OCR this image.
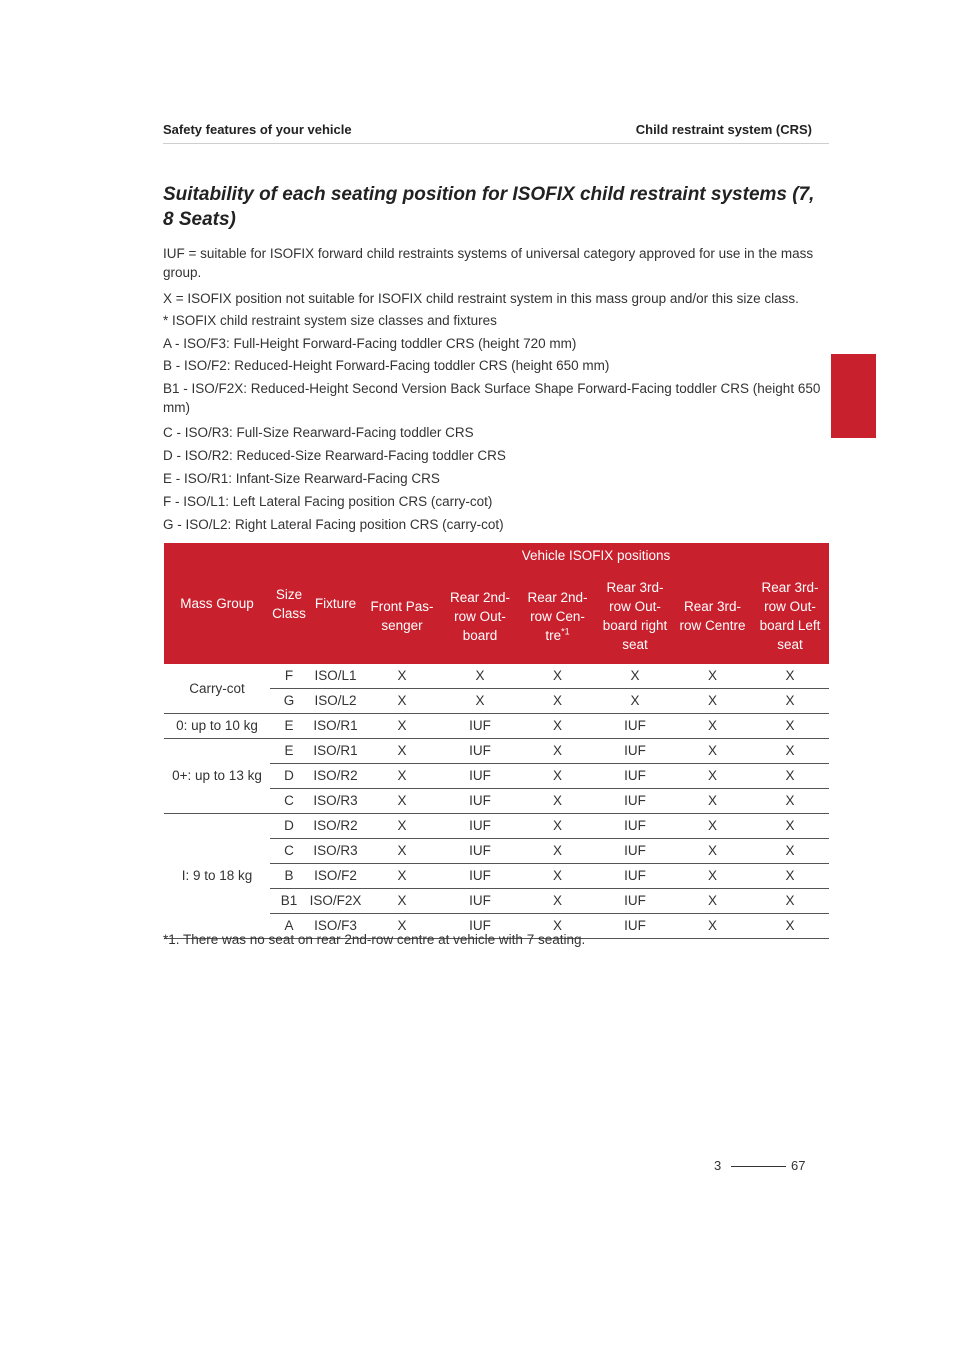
Safety features of your vehicle	Child restraint system (CRS)
3
Suitability of each seating position for ISOFIX child restraint systems (7, 8 Seats)

IUF = suitable for ISOFIX forward child restraints systems of universal category approved for use in the mass group.

X = ISOFIX position not suitable for ISOFIX child restraint system in this mass group and/or this size class.

* ISOFIX child restraint system size classes and fixtures

A - ISO/F3: Full-Height Forward-Facing toddler CRS (height 720 mm)

B - ISO/F2: Reduced-Height Forward-Facing toddler CRS (height 650 mm)

B1 - ISO/F2X: Reduced-Height Second Version Back Surface Shape Forward-Facing toddler CRS (height 650 mm)

C - ISO/R3: Full-Size Rearward-Facing toddler CRS

D - ISO/R2: Reduced-Size Rearward-Facing toddler CRS

E - ISO/R1: Infant-Size Rearward-Facing CRS

F - ISO/L1: Left Lateral Facing position CRS (carry-cot)

G - ISO/L2: Right Lateral Facing position CRS (carry-cot)

Mass Group	Size Class	Fixture	Vehicle ISOFIX positions					
			Front Pas-senger	Rear 2nd-row Out-board	Rear 2nd-row Cen-tre$^{*1}$	Rear 3rd-row Out-board right seat	Rear 3rd-row Centre	Rear 3rd-row Out-board Left seat
Carry-cot	F	ISO/L1	X	X	X	X	X	X
	G	ISO/L2	X	X	X	X	X	X
0: up to 10 kg	E	ISO/R1	X	IUF	X	IUF	X	X
0+: up to 13 kg	E	ISO/R1	X	IUF	X	IUF	X	X
	D	ISO/R2	X	IUF	X	IUF	X	X
	C	ISO/R3	X	IUF	X	IUF	X	X
I: 9 to 18 kg	D	ISO/R2	X	IUF	X	IUF	X	X
	C	ISO/R3	X	IUF	X	IUF	X	X
	B	ISO/F2	X	IUF	X	IUF	X	X
	B1	ISO/F2X	X	IUF	X	IUF	X	X
	A	ISO/F3	X	IUF	X	IUF	X	X
*1. There was no seat on rear 2nd-row centre at vehicle with 7 seating.
3	67
